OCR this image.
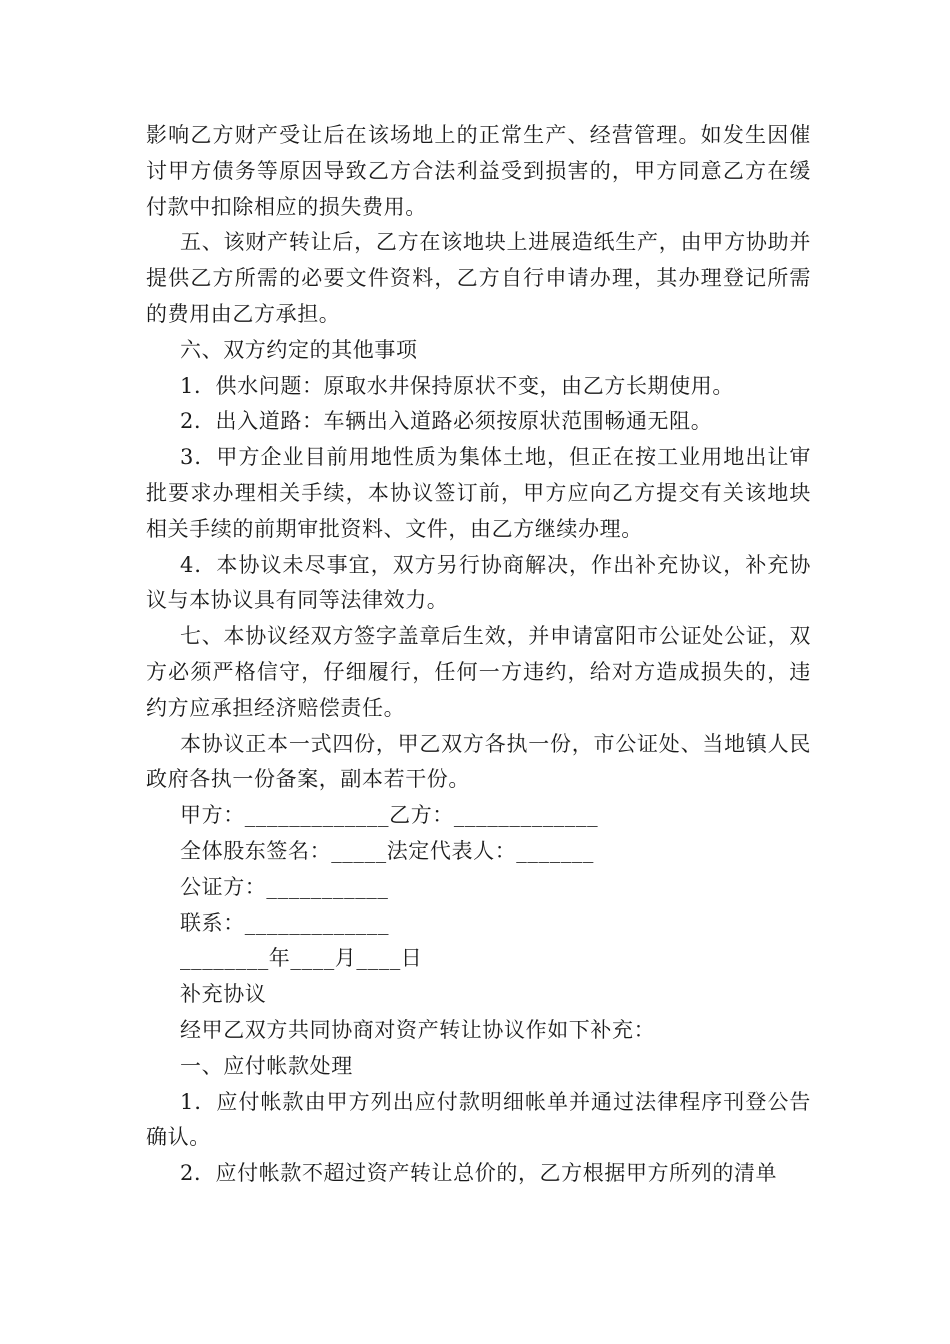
影响乙方财产受让后在该场地上的正常生产、经营管理。如发生因催讨甲方债务等原因导致乙方合法利益受到损害的，甲方同意乙方在缓付款中扣除相应的损失费用。

五、该财产转让后，乙方在该地块上进展造纸生产，由甲方协助并提供乙方所需的必要文件资料，乙方自行申请办理，其办理登记所需的费用由乙方承担。

六、双方约定的其他事项

1．供水问题：原取水井保持原状不变，由乙方长期使用。

2．出入道路：车辆出入道路必须按原状范围畅通无阻。

3．甲方企业目前用地性质为集体土地，但正在按工业用地出让审批要求办理相关手续，本协议签订前，甲方应向乙方提交有关该地块相关手续的前期审批资料、文件，由乙方继续办理。

4．本协议未尽事宜，双方另行协商解决，作出补充协议，补充协议与本协议具有同等法律效力。

七、本协议经双方签字盖章后生效，并申请富阳市公证处公证，双方必须严格信守，仔细履行，任何一方违约，给对方造成损失的，违约方应承担经济赔偿责任。

本协议正本一式四份，甲乙双方各执一份，市公证处、当地镇人民政府各执一份备案，副本若干份。

甲方：_____________乙方：_____________

全体股东签名：_____法定代表人：_______

公证方：___________

联系：_____________

________年____月____日

补充协议

经甲乙双方共同协商对资产转让协议作如下补充：

一、应付帐款处理

1．应付帐款由甲方列出应付款明细帐单并通过法律程序刊登公告确认。

2．应付帐款不超过资产转让总价的，乙方根据甲方所列的清单
